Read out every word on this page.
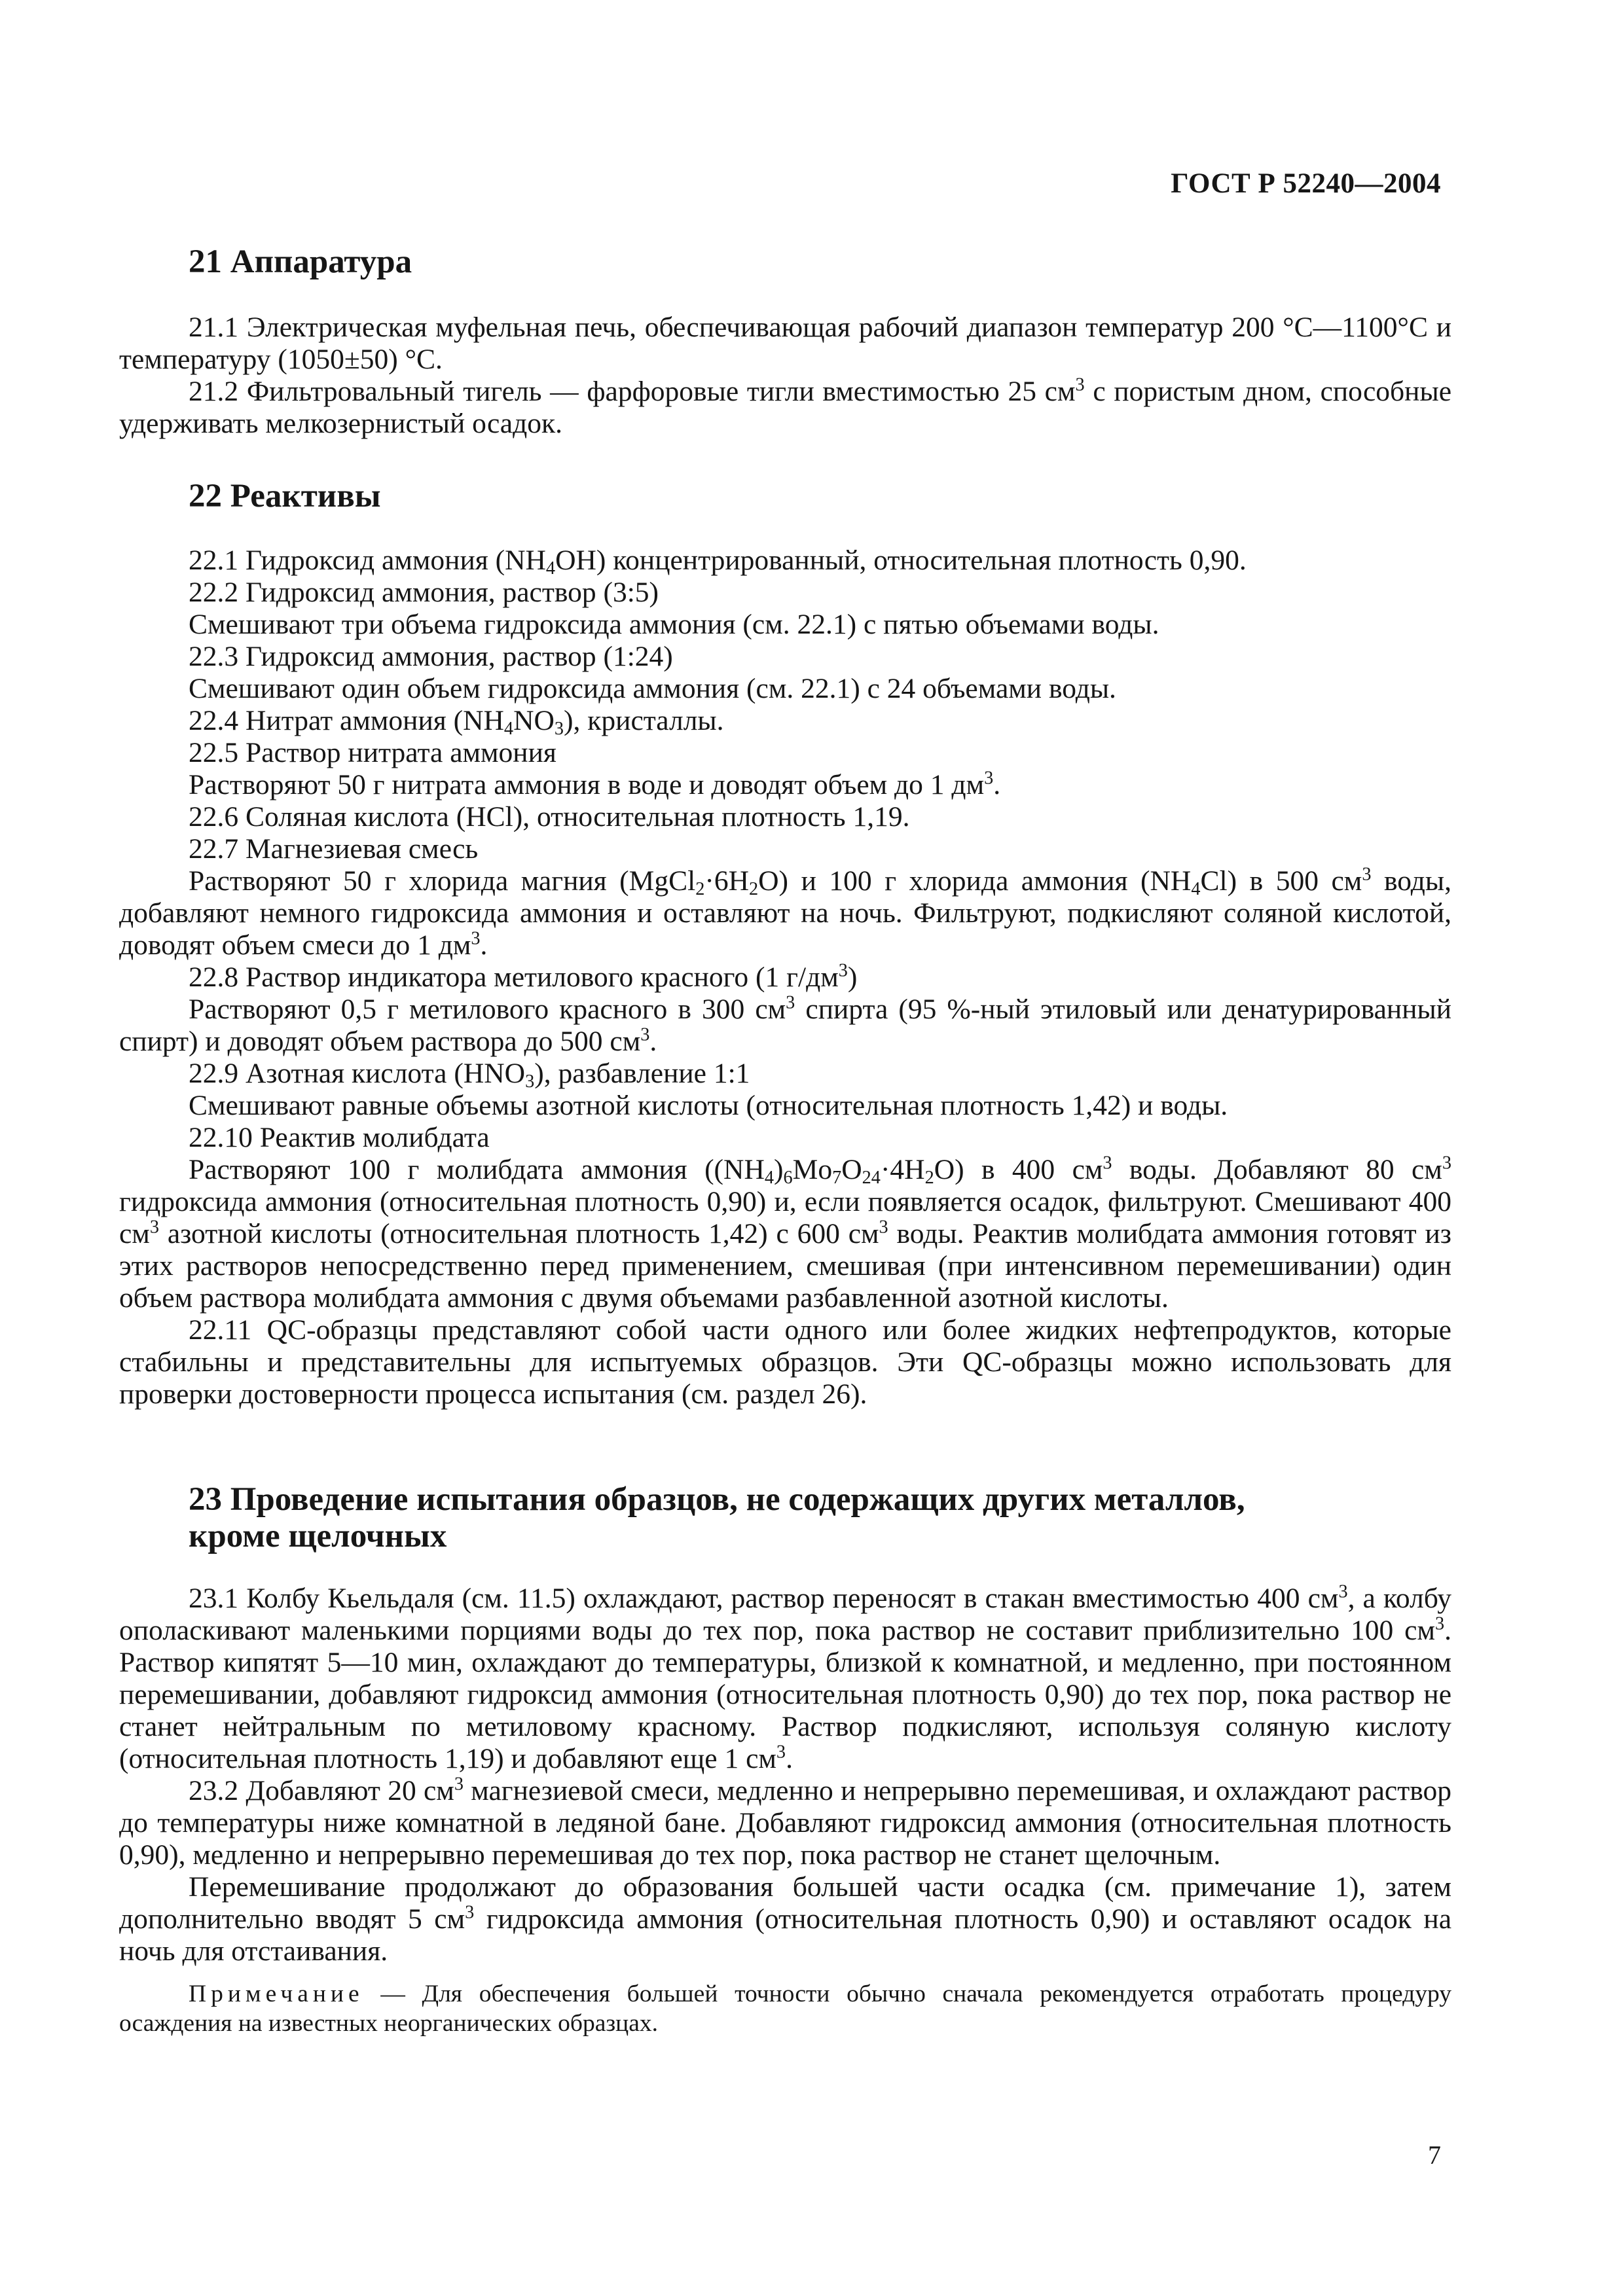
ГОСТ Р 52240—2004
21 Аппаратура

21.1 Электрическая муфельная печь, обеспечивающая рабочий диапазон температур 200 °С—1100°С и температуру (1050±50) °С.

21.2 Фильтровальный тигель — фарфоровые тигли вместимостью 25 $см^3$ с пористым дном, способные удерживать мелкозернистый осадок.

22 Реактивы

22.1 Гидроксид аммония $(NH_4ОН)$ концентрированный, относительная плотность 0,90.

22.2 Гидроксид аммония, раствор (3:5)

Смешивают три объема гидроксида аммония (см. 22.1) с пятью объемами воды.

22.3 Гидроксид аммония, раствор (1:24)

Смешивают один объем гидроксида аммония (см. 22.1) с 24 объемами воды.

22.4 Нитрат аммония $(NH_4NO_3)$, кристаллы.

22.5 Раствор нитрата аммония

Растворяют 50 г нитрата аммония в воде и доводят объем до 1 $дм^3$.

22.6 Соляная кислота (HCl), относительная плотность 1,19.

22.7 Магнезиевая смесь

Растворяют 50 г хлорида магния $(MgCl_2\cdot 6H_2O)$ и 100 г хлорида аммония $(NH_4Cl)$ в 500 $см^3$ воды, добавляют немного гидроксида аммония и оставляют на ночь. Фильтруют, подкисляют соляной кислотой, доводят объем смеси до 1 $дм^3$.

22.8 Раствор индикатора метилового красного (1 $г/дм^3$)

Растворяют 0,5 г метилового красного в 300 $см^3$ спирта (95 %-ный этиловый или денатурированный спирт) и доводят объем раствора до 500 $см^3$.

22.9 Азотная кислота $(HNO_3)$, разбавление 1:1

Смешивают равные объемы азотной кислоты (относительная плотность 1,42) и воды.

22.10 Реактив молибдата

Растворяют 100 г молибдата аммония $((NH_4)_6Mo_7O_{24}\cdot 4H_2O)$ в 400 $см^3$ воды. Добавляют 80 $см^3$ гидроксида аммония (относительная плотность 0,90) и, если появляется осадок, фильтруют. Смешивают 400 $см^3$ азотной кислоты (относительная плотность 1,42) с 600 $см^3$ воды. Реактив молибдата аммония готовят из этих растворов непосредственно перед применением, смешивая (при интенсивном перемешивании) один объем раствора молибдата аммония с двумя объемами разбавленной азотной кислоты.

22.11 QC-образцы представляют собой части одного или более жидких нефтепродуктов, которые стабильны и представительны для испытуемых образцов. Эти QC-образцы можно использовать для проверки достоверности процесса испытания (см. раздел 26).

23 Проведение испытания образцов, не содержащих других металлов,
кроме щелочных

23.1 Колбу Кьельдаля (см. 11.5) охлаждают, раствор переносят в стакан вместимостью 400 $см^3$, а колбу ополаскивают маленькими порциями воды до тех пор, пока раствор не составит приблизительно 100 $см^3$. Раствор кипятят 5—10 мин, охлаждают до температуры, близкой к комнатной, и медленно, при постоянном перемешивании, добавляют гидроксид аммония (относительная плотность 0,90) до тех пор, пока раствор не станет нейтральным по метиловому красному. Раствор подкисляют, используя соляную кислоту (относительная плотность 1,19) и добавляют еще 1 $см^3$.

23.2 Добавляют 20 $см^3$ магнезиевой смеси, медленно и непрерывно перемешивая, и охлаждают раствор до температуры ниже комнатной в ледяной бане. Добавляют гидроксид аммония (относительная плотность 0,90), медленно и непрерывно перемешивая до тех пор, пока раствор не станет щелочным.

Перемешивание продолжают до образования большей части осадка (см. примечание 1), затем дополнительно вводят 5 $см^3$ гидроксида аммония (относительная плотность 0,90) и оставляют осадок на ночь для отстаивания.

Примечание — Для обеспечения большей точности обычно сначала рекомендуется отработать процедуру осаждения на известных неорганических образцах.

7
